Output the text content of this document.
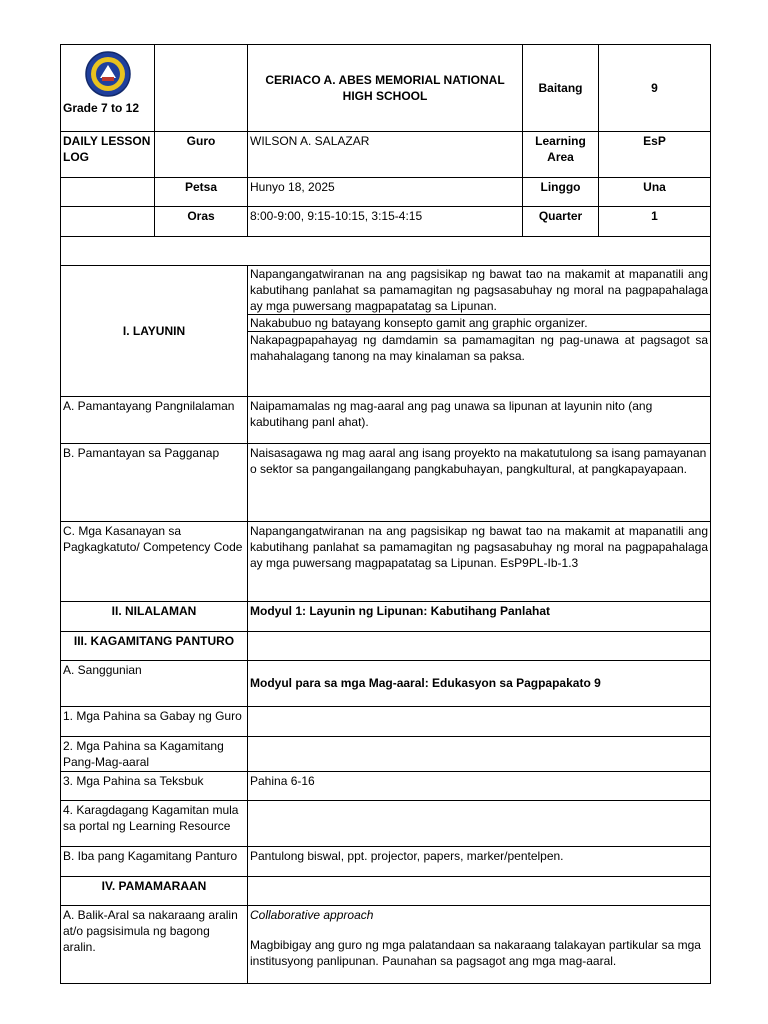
Grade 7 to 12		CERIACO A. ABES MEMORIAL NATIONAL HIGH SCHOOL	Baitang	9
DAILY LESSON LOG	Guro	WILSON A. SALAZAR	Learning Area	EsP
	Petsa	Hunyo 18, 2025	Linggo	Una
	Oras	8:00-9:00, 9:15-10:15, 3:15-4:15	Quarter	1

I. LAYUNIN		Napangangatwiranan na ang pagsisikap ng bawat tao na makamit at mapanatili ang kabutihang panlahat sa pamamagitan ng pagsasabuhay ng moral na pagpapahalaga ay mga puwersang magpapatatag sa Lipunan.
Nakabubuo ng batayang konsepto gamit ang graphic organizer.
Nakapagpapahayag ng damdamin sa pamamagitan ng pag-unawa at pagsagot sa mahahalagang tanong na may kinalaman sa paksa.		

A. Pamantayang Pangnilalaman		Naipamamalas ng mag-aaral ang pag unawa sa lipunan at layunin nito (ang kabutihang panl ahat).		
B. Pamantayan sa Pagganap		Naisasagawa ng mag aaral ang isang proyekto na makatutulong sa isang pamayanan o sektor sa pangangailangang pangkabuhayan, pangkultural, at pangkapayapaan.		
C. Mga Kasanayan sa Pagkagkatuto/ Competency Code		Napangangatwiranan na ang pagsisikap ng bawat tao na makamit at mapanatili ang kabutihang panlahat sa pamamagitan ng pagsasabuhay ng moral na pagpapahalaga ay mga puwersang magpapatatag sa Lipunan. EsP9PL-Ib-1.3		
II. NILALAMAN		Modyul 1: Layunin ng Lipunan: Kabutihang Panlahat		
III. KAGAMITANG PANTURO				
A. Sanggunian		Modyul para sa mga Mag-aaral: Edukasyon sa Pagpapakato 9		
1. Mga Pahina sa Gabay ng Guro				
2. Mga Pahina sa Kagamitang Pang-Mag-aaral				
3. Mga Pahina sa Teksbuk		Pahina 6-16		
4. Karagdagang Kagamitan mula sa portal ng Learning Resource				
B. Iba pang Kagamitang Panturo		Pantulong biswal, ppt. projector, papers, marker/pentelpen.		
IV. PAMAMARAAN				
A. Balik-Aral sa nakaraang aralin at/o pagsisimula ng bagong aralin.		Collaborative approach
Magbibigay ang guro ng mga palatandaan sa nakaraang talakayan partikular sa mga institusyong panlipunan. Paunahan sa pagsagot ang mga mag-aaral.		
